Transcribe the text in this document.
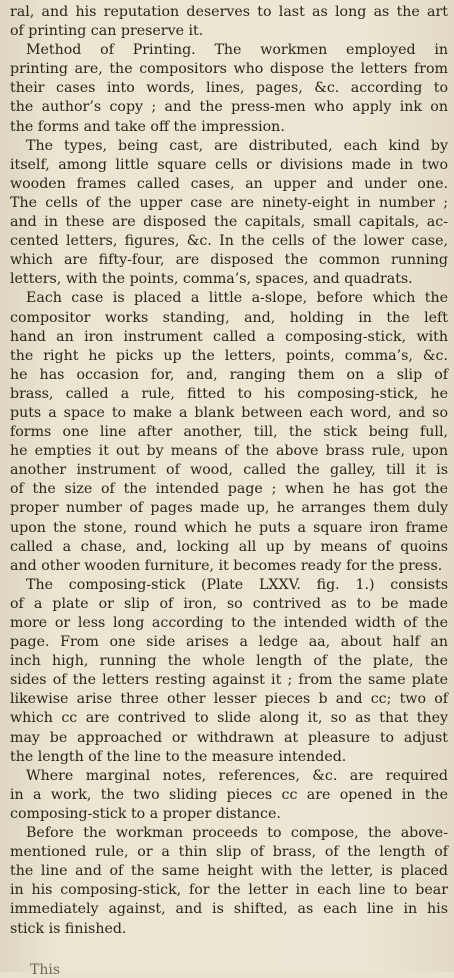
ral, and his reputation deserves to last as long as the art
of printing can preserve it.

Method of Printing. The workmen employed in
printing are, the compositors who dispose the letters from
their cases into words, lines, pages, &c. according to
the author’s copy ; and the press-men who apply ink on
the forms and take off the impression.

The types, being cast, are distributed, each kind by
itself, among little square cells or divisions made in two
wooden frames called cases, an upper and under one.
The cells of the upper case are ninety-eight in number ;
and in these are disposed the capitals, small capitals, ac-
cented letters, figures, &c. In the cells of the lower case,
which are fifty-four, are disposed the common running
letters, with the points, comma’s, spaces, and quadrats.

Each case is placed a little a-slope, before which the
compositor works standing, and, holding in the left
hand an iron instrument called a composing-stick, with
the right he picks up the letters, points, comma’s, &c.
he has occasion for, and, ranging them on a slip of
brass, called a rule, fitted to his composing-stick, he
puts a space to make a blank between each word, and so
forms one line after another, till, the stick being full,
he empties it out by means of the above brass rule, upon
another instrument of wood, called the galley, till it is
of the size of the intended page ; when he has got the
proper number of pages made up, he arranges them duly
upon the stone, round which he puts a square iron frame
called a chase, and, locking all up by means of quoins
and other wooden furniture, it becomes ready for the press.

The composing-stick (Plate LXXV. fig. 1.) consists
of a plate or slip of iron, so contrived as to be made
more or less long according to the intended width of the
page. From one side arises a ledge aa, about half an
inch high, running the whole length of the plate, the
sides of the letters resting against it ; from the same plate
likewise arise three other lesser pieces b and cc; two of
which cc are contrived to slide along it, so as that they
may be approached or withdrawn at pleasure to adjust
the length of the line to the measure intended.

Where marginal notes, references, &c. are required
in a work, the two sliding pieces cc are opened in the
composing-stick to a proper distance.

Before the workman proceeds to compose, the above-
mentioned rule, or a thin slip of brass, of the length of
the line and of the same height with the letter, is placed
in his composing-stick, for the letter in each line to bear
immediately against, and is shifted, as each line in his
stick is finished.

This
